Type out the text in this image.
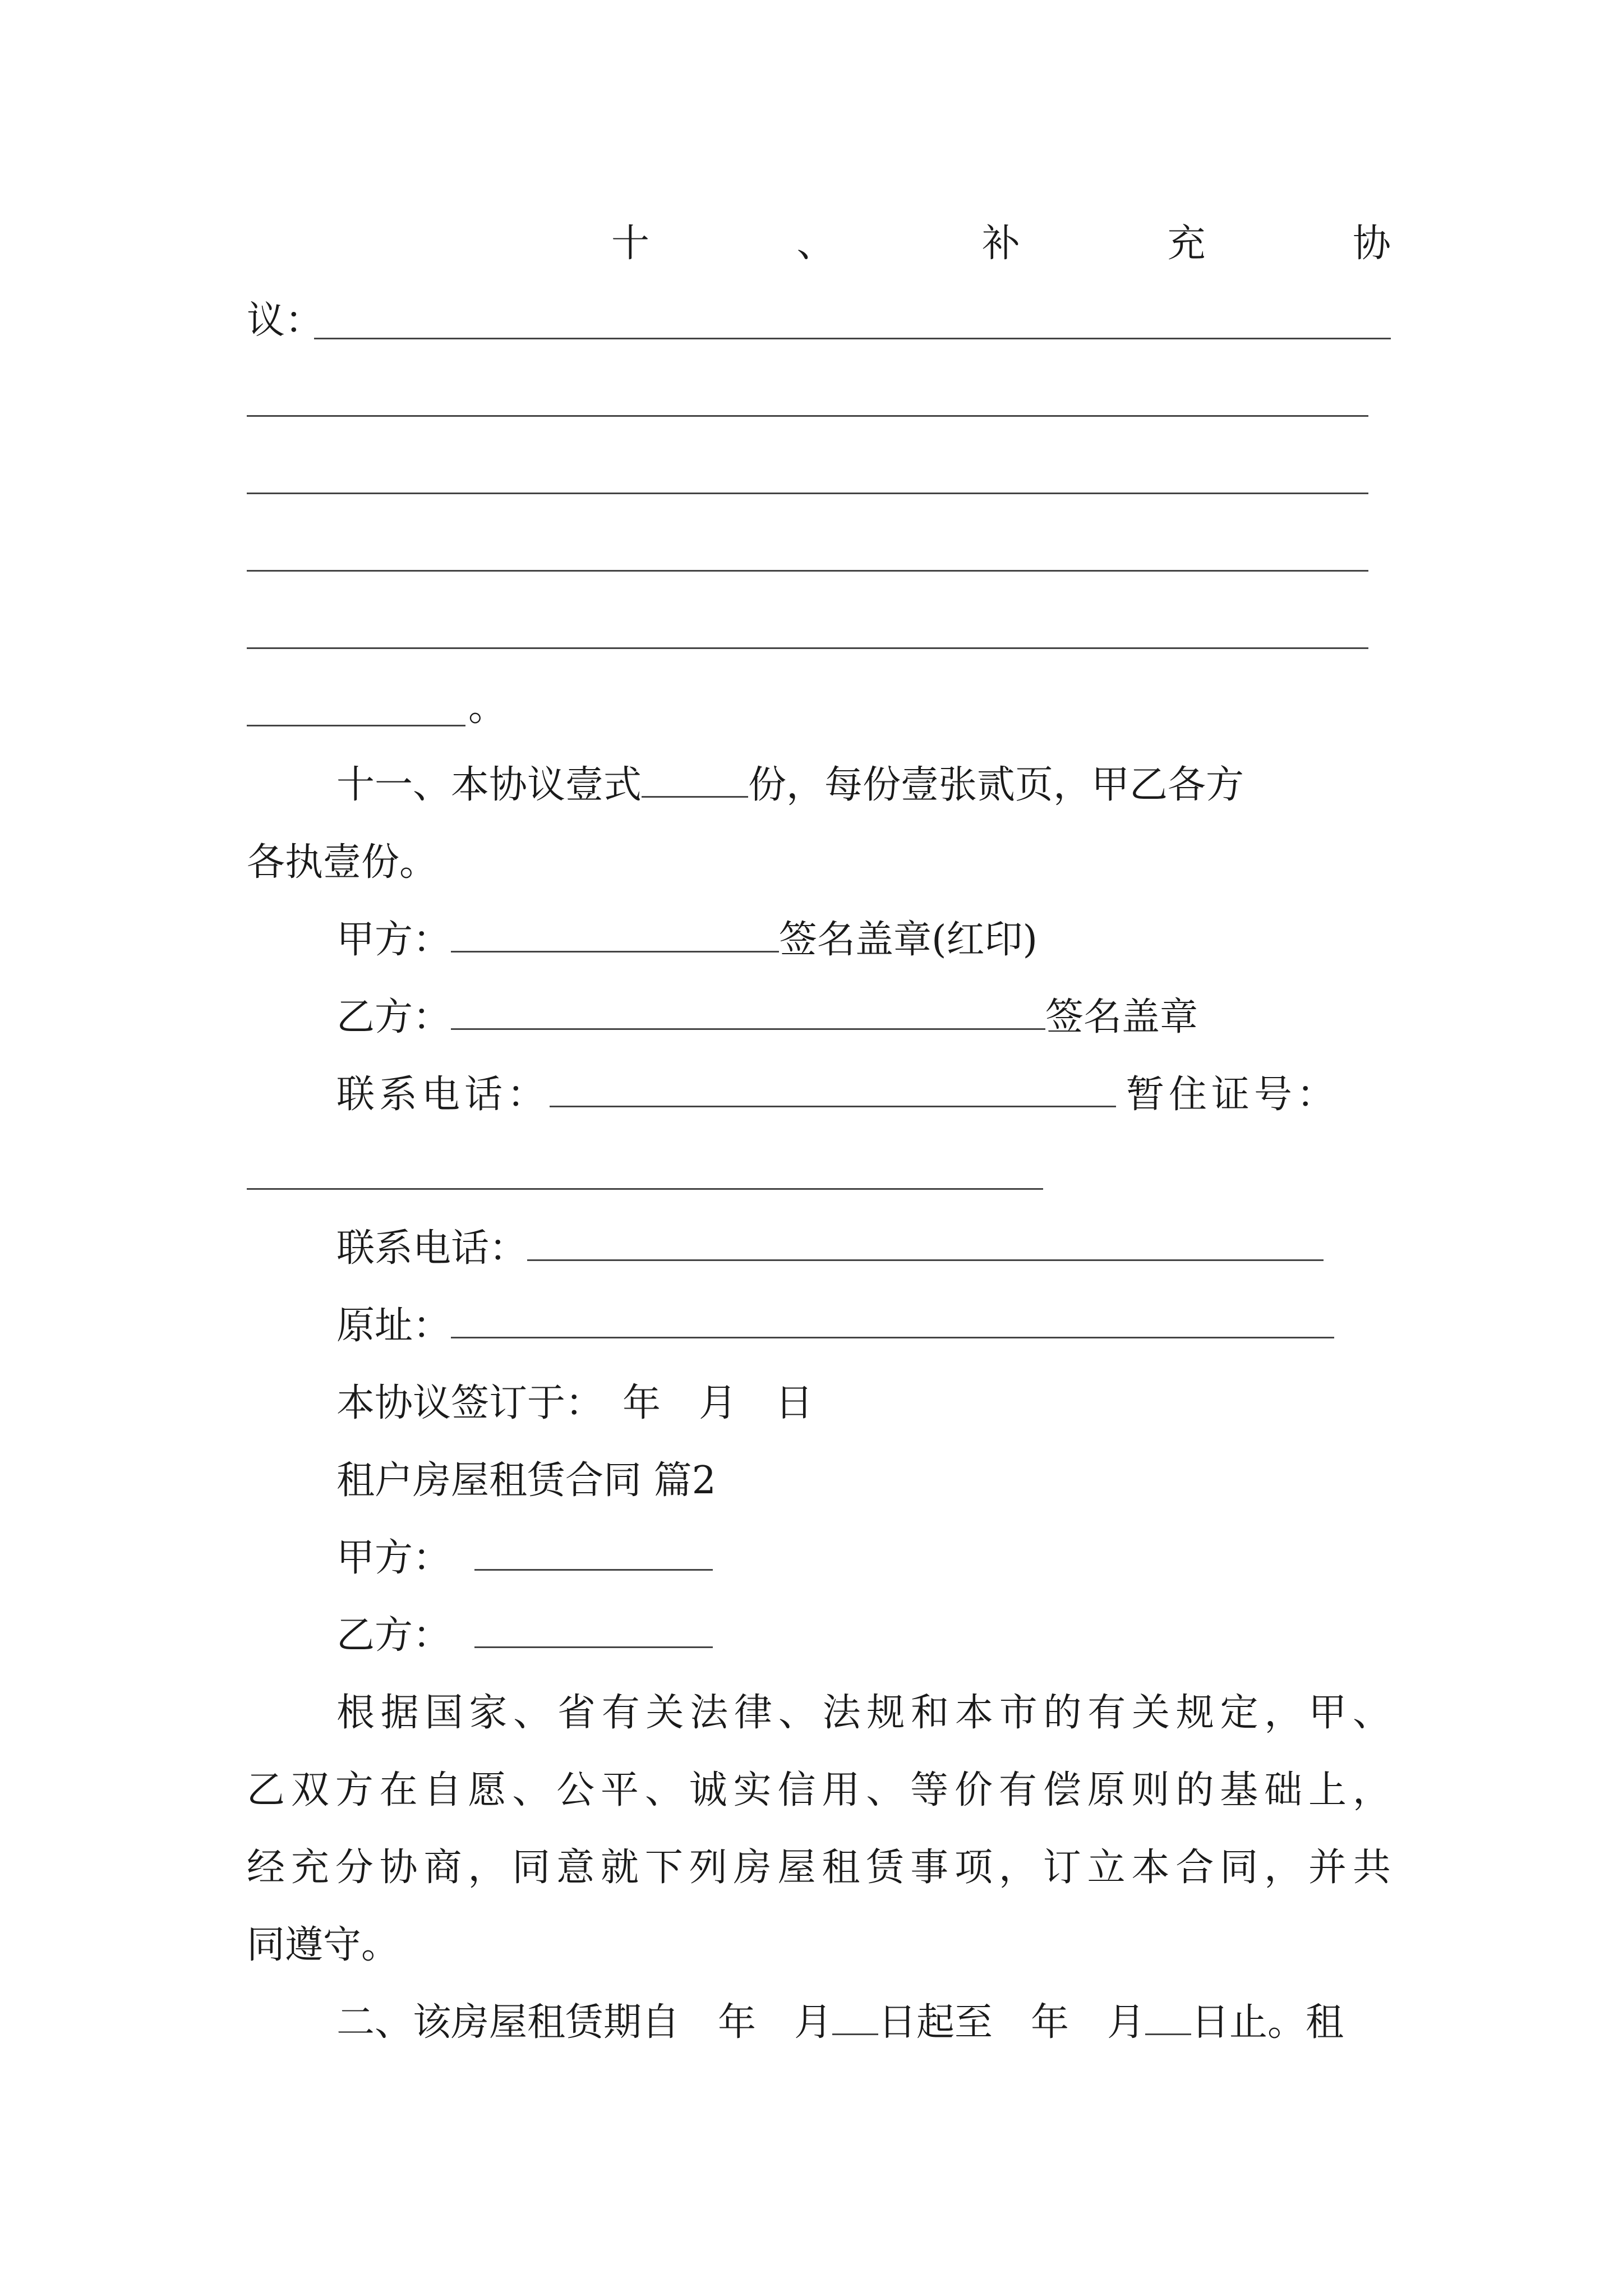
十	、	补	充	协
议：
。
十一、本协议壹式	份，每份壹张贰页，甲乙各方
各执壹份。
甲方：	签名盖章(红印)
乙方：	签名盖章
联系电话：	暂住证号：
联系电话：
原址：
本协议签订于：　年　月　日
租户房屋租赁合同 篇2
甲方：
乙方：
根 据 国 家 、 省 有 关 法 律 、 法 规 和 本 市 的 有 关 规 定 ， 甲 、
乙 双 方 在 自 愿 、 公 平 、 诚 实 信 用 、 等 价 有 偿 原 则 的 基 础 上 ，
经 充 分 协 商 ， 同 意 就 下 列 房 屋 租 赁 事 项 ， 订 立 本 合 同 ， 并 共
同遵守。
二、该房屋租赁期自　年　月 日起至　年　月 日止。租
